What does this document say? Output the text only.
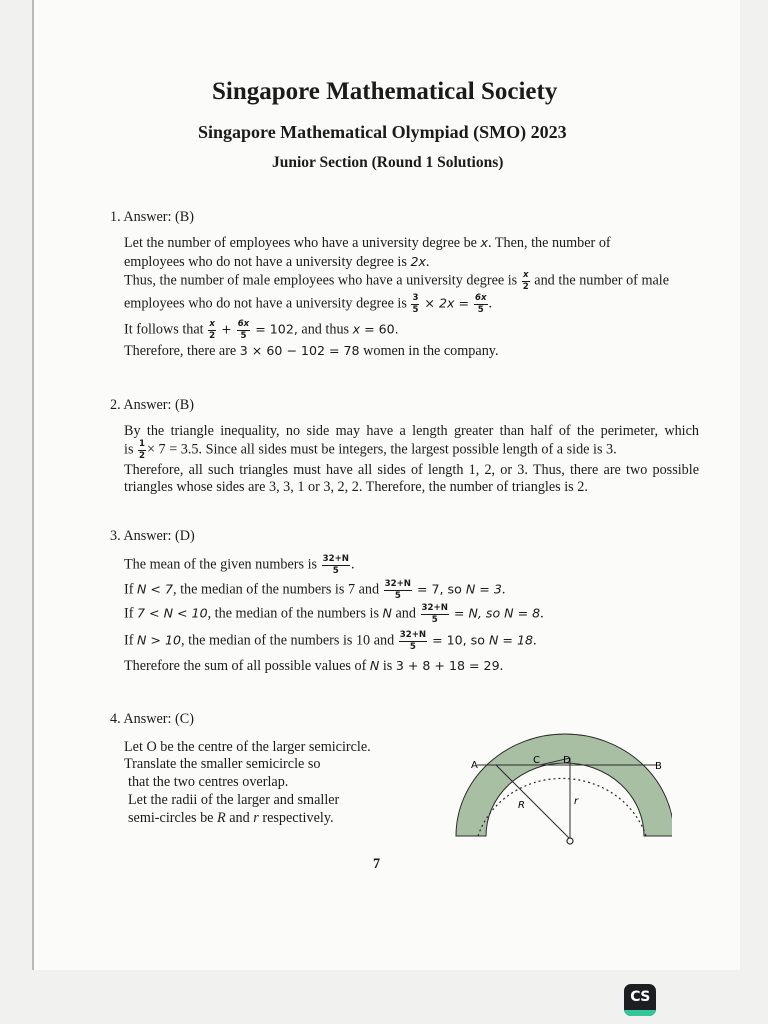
Singapore Mathematical Society
Singapore Mathematical Olympiad (SMO) 2023
Junior Section (Round 1 Solutions)
1. Answer: (B)
Let the number of employees who have a university degree be x. Then, the number of
employees who do not have a university degree is 2x.
Thus, the number of male employees who have a university degree is $\frac{x}{2}$ and the number of male
employees who do not have a university degree is $\frac{3}{5} \times 2x = \frac{6x}{5}$ .
It follows that $\frac{x}{2} + \frac{6x}{5} = 102$, and thus x = 60.
Therefore, there are 3 × 60 − 102 = 78 women in the company.
2. Answer: (B)
By the triangle inequality, no side may have a length greater than half of the perimeter, which
is $\frac{1}{2} \times 7 = 3.5$. Since all sides must be integers, the largest possible length of a side is 3.
Therefore, all such triangles must have all sides of length 1, 2, or 3. Thus, there are two possible
triangles whose sides are 3, 3, 1 or 3, 2, 2. Therefore, the number of triangles is 2.
3. Answer: (D)
The mean of the given numbers is $\frac{32+N}{5}$ .
If N < 7, the median of the numbers is 7 and $\frac{32+N}{5} = 7$, so N = 3.
If 7 < N < 10, the median of the numbers is N and $\frac{32+N}{5} = N$, so N = 8.
If N > 10, the median of the numbers is 10 and $\frac{32+N}{5} = 10$, so N = 18.
Therefore the sum of all possible values of N is 3 + 8 + 18 = 29.
4. Answer: (C)
Let O be the centre of the larger semicircle.
Translate the smaller semicircle so
that the two centres overlap.
Let the radii of the larger and smaller
semi-circles be R and r respectively.
A	C D
B
R	r
O
7
CS
